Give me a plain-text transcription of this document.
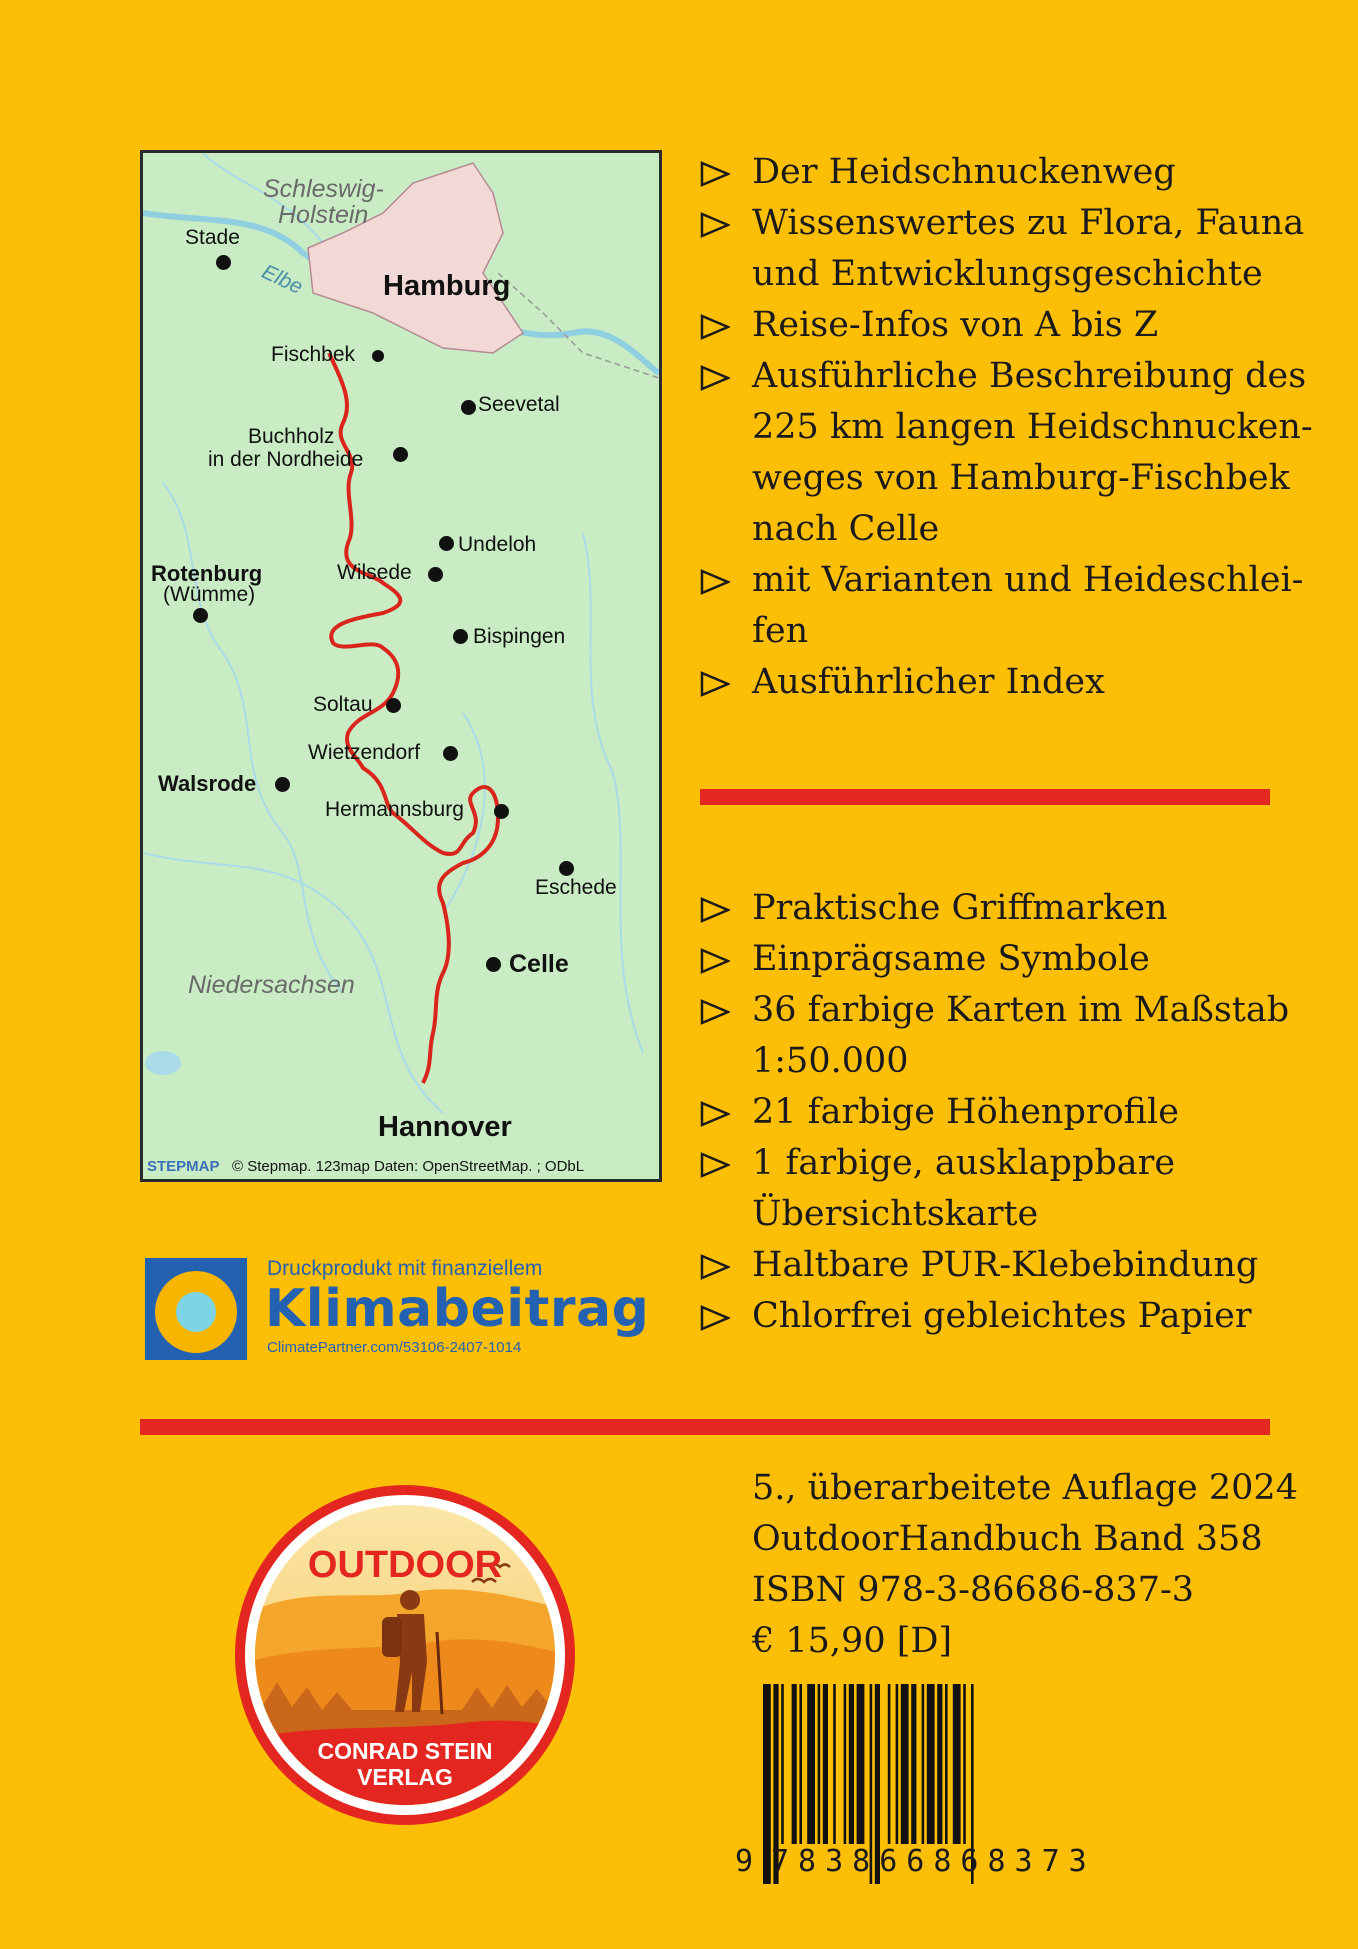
Schleswig-
Holstein
Elbe
Niedersachsen
Stade
Hamburg
Fischbek
Seevetal
Buchholz
in der Nordheide
Undeloh
Rotenburg
(Wümme)
Wilsede
Bispingen
Soltau
Wietzendorf
Walsrode
Hermannsburg
Eschede
Celle
Hannover
STEPMAP © Stepmap. 123map Daten: OpenStreetMap. ; ODbL
Der Heidschnuckenweg
Wissenswertes zu Flora, Fauna und Entwicklungsgeschichte
Reise-Infos von A bis Z
Ausführliche Beschreibung des 225 km langen Heidschnucken-weges von Hamburg-Fischbek nach Celle
mit Varianten und Heideschlei-fen
Ausführlicher Index
Praktische Griffmarken
Einprägsame Symbole
36 farbige Karten im Maßstab 1:50.000
21 farbige Höhenprofile
1 farbige, ausklappbare Übersichtskarte
Haltbare PUR-Klebebindung
Chlorfrei gebleichtes Papier
Druckprodukt mit finanziellem
Klimabeitrag
ClimatePartner.com/53106-2407-1014
OUTDOOR
CONRAD STEIN
VERLAG
5., überarbeitete Auflage 2024
OutdoorHandbuch Band 358
ISBN 978-3-86686-837-3
€ 15,90 [D]
9 783866868373
